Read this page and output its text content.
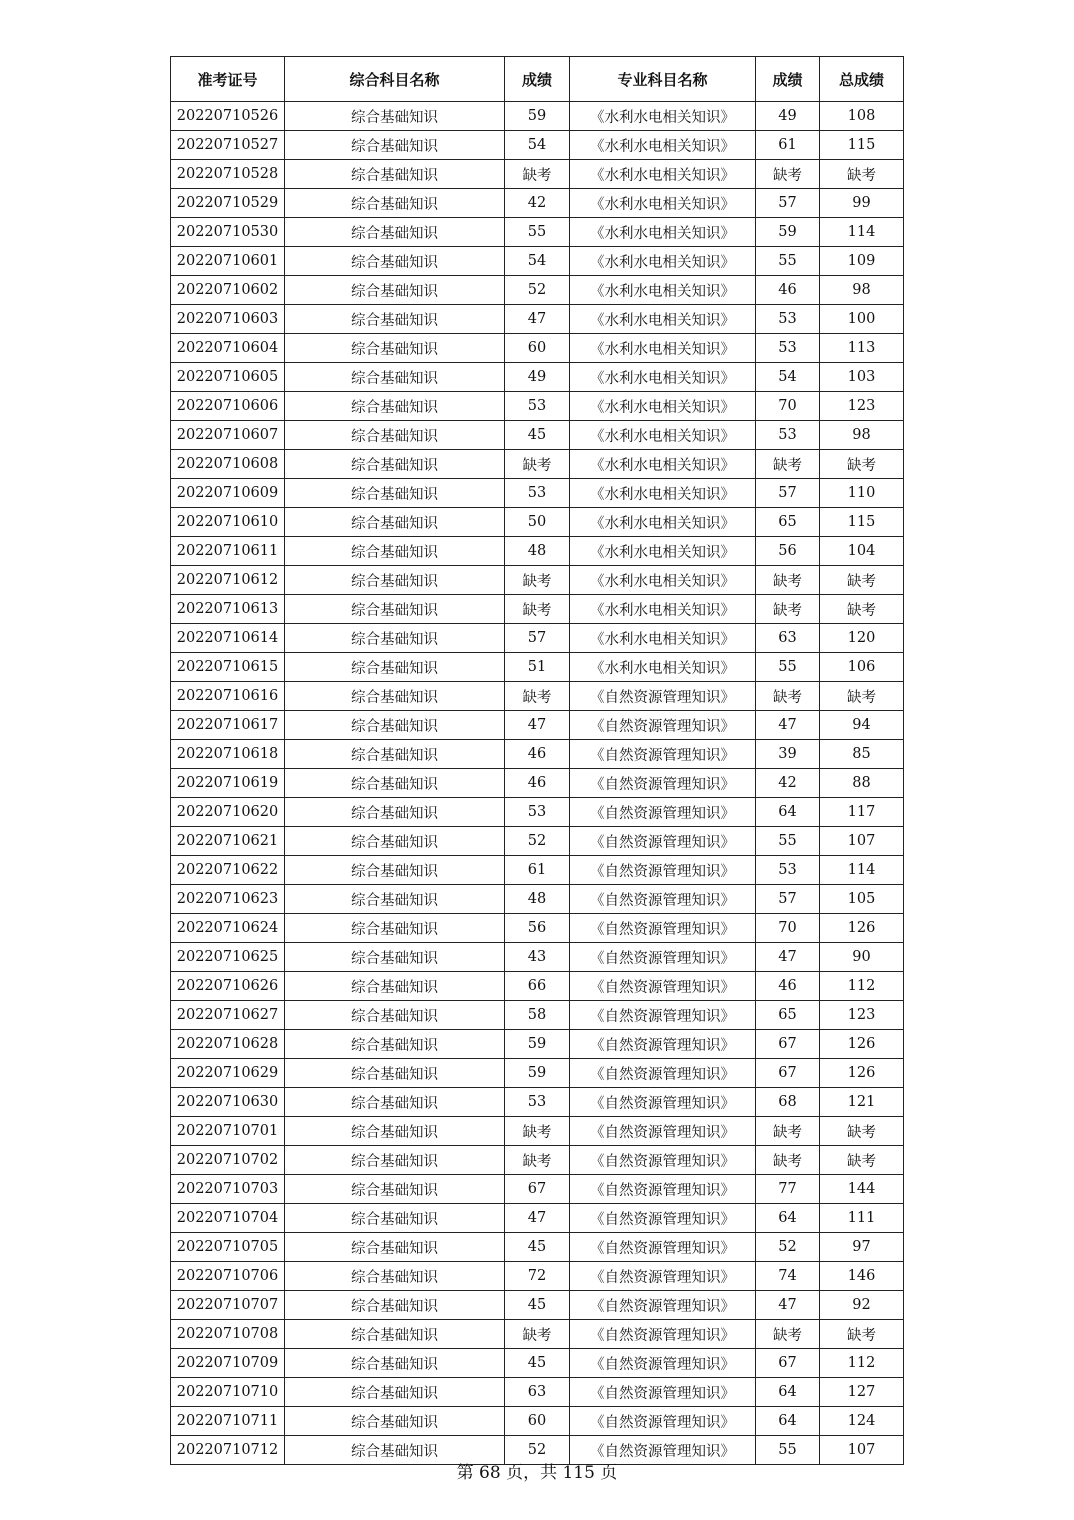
准考证号	综合科目名称	成绩	专业科目名称	成绩	总成绩
20220710526	综合基础知识	59	《水利水电相关知识》	49	108
20220710527	综合基础知识	54	《水利水电相关知识》	61	115
20220710528	综合基础知识	缺考	《水利水电相关知识》	缺考	缺考
20220710529	综合基础知识	42	《水利水电相关知识》	57	99
20220710530	综合基础知识	55	《水利水电相关知识》	59	114
20220710601	综合基础知识	54	《水利水电相关知识》	55	109
20220710602	综合基础知识	52	《水利水电相关知识》	46	98
20220710603	综合基础知识	47	《水利水电相关知识》	53	100
20220710604	综合基础知识	60	《水利水电相关知识》	53	113
20220710605	综合基础知识	49	《水利水电相关知识》	54	103
20220710606	综合基础知识	53	《水利水电相关知识》	70	123
20220710607	综合基础知识	45	《水利水电相关知识》	53	98
20220710608	综合基础知识	缺考	《水利水电相关知识》	缺考	缺考
20220710609	综合基础知识	53	《水利水电相关知识》	57	110
20220710610	综合基础知识	50	《水利水电相关知识》	65	115
20220710611	综合基础知识	48	《水利水电相关知识》	56	104
20220710612	综合基础知识	缺考	《水利水电相关知识》	缺考	缺考
20220710613	综合基础知识	缺考	《水利水电相关知识》	缺考	缺考
20220710614	综合基础知识	57	《水利水电相关知识》	63	120
20220710615	综合基础知识	51	《水利水电相关知识》	55	106
20220710616	综合基础知识	缺考	《自然资源管理知识》	缺考	缺考
20220710617	综合基础知识	47	《自然资源管理知识》	47	94
20220710618	综合基础知识	46	《自然资源管理知识》	39	85
20220710619	综合基础知识	46	《自然资源管理知识》	42	88
20220710620	综合基础知识	53	《自然资源管理知识》	64	117
20220710621	综合基础知识	52	《自然资源管理知识》	55	107
20220710622	综合基础知识	61	《自然资源管理知识》	53	114
20220710623	综合基础知识	48	《自然资源管理知识》	57	105
20220710624	综合基础知识	56	《自然资源管理知识》	70	126
20220710625	综合基础知识	43	《自然资源管理知识》	47	90
20220710626	综合基础知识	66	《自然资源管理知识》	46	112
20220710627	综合基础知识	58	《自然资源管理知识》	65	123
20220710628	综合基础知识	59	《自然资源管理知识》	67	126
20220710629	综合基础知识	59	《自然资源管理知识》	67	126
20220710630	综合基础知识	53	《自然资源管理知识》	68	121
20220710701	综合基础知识	缺考	《自然资源管理知识》	缺考	缺考
20220710702	综合基础知识	缺考	《自然资源管理知识》	缺考	缺考
20220710703	综合基础知识	67	《自然资源管理知识》	77	144
20220710704	综合基础知识	47	《自然资源管理知识》	64	111
20220710705	综合基础知识	45	《自然资源管理知识》	52	97
20220710706	综合基础知识	72	《自然资源管理知识》	74	146
20220710707	综合基础知识	45	《自然资源管理知识》	47	92
20220710708	综合基础知识	缺考	《自然资源管理知识》	缺考	缺考
20220710709	综合基础知识	45	《自然资源管理知识》	67	112
20220710710	综合基础知识	63	《自然资源管理知识》	64	127
20220710711	综合基础知识	60	《自然资源管理知识》	64	124
20220710712	综合基础知识	52	《自然资源管理知识》	55	107
第 68 页，共 115 页
